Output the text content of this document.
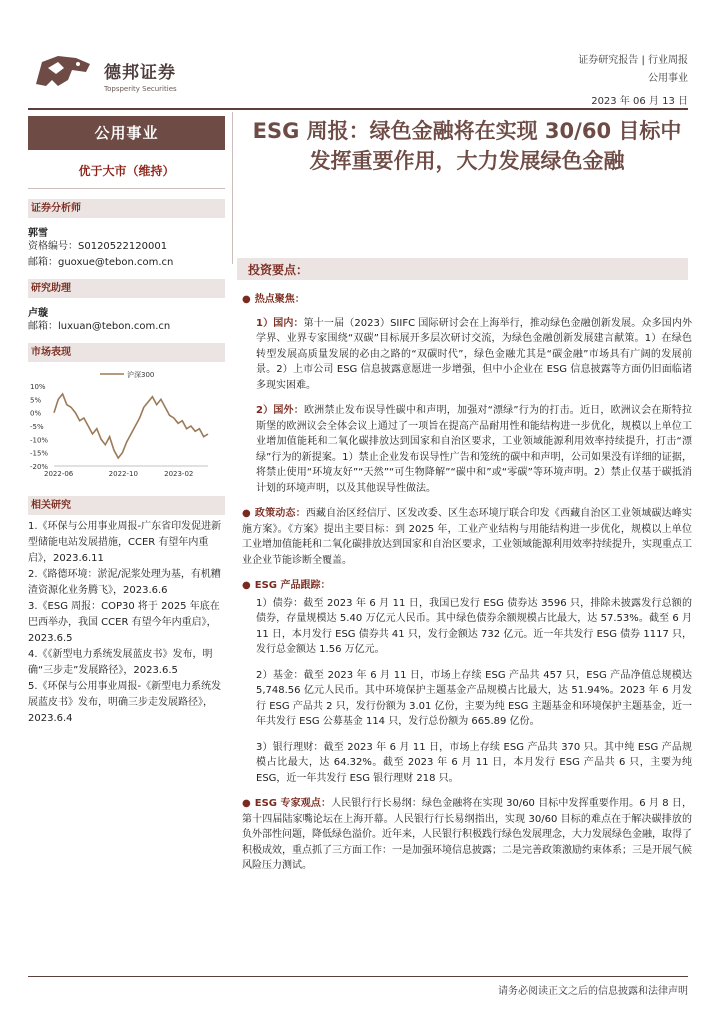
德邦证券
Topsperity Securities
证券研究报告 | 行业周报
公用事业
2023 年 06 月 13 日
公用事业
优于大市（维持）
证券分析师
郭雪
资格编号：S0120522120001
邮箱：guoxue@tebon.com.cn
研究助理
卢璇
邮箱：luxuan@tebon.com.cn
市场表现
10%
5%
0%
-5%
-10%
-15%
-20%
2022-06	2022-10	2023-02
沪深300
相关研究
1.《环保与公用事业周报-广东省印发促进新型储能电站发展措施，CCER 有望年内重启》，2023.6.11
2.《路德环境：淤泥/泥浆处理为基，有机糟渣资源化业务腾飞》，2023.6.6
3.《ESG 周报：COP30 将于 2025 年底在巴西举办，我国 CCER 有望今年内重启》，2023.6.5
4.《《新型电力系统发展蓝皮书》发布，明确“三步走”发展路径》，2023.6.5
5.《环保与公用事业周报-《新型电力系统发展蓝皮书》发布，明确三步走发展路径》，2023.6.4
ESG 周报：绿色金融将在实现 30/60 目标中发挥重要作用，大力发展绿色金融
投资要点：

● 热点聚焦：

1）国内：第十一届（2023）SIIFC 国际研讨会在上海举行，推动绿色金融创新发展。众多国内外学界、业界专家围绕“双碳”目标展开多层次研讨交流，为绿色金融创新发展建言献策。1）在绿色转型发展高质量发展的必由之路的“双碳时代”，绿色金融尤其是“碳金融”市场具有广阔的发展前景。2）上市公司 ESG 信息披露意愿进一步增强，但中小企业在 ESG 信息披露等方面仍旧面临诸多现实困难。

2）国外：欧洲禁止发布误导性碳中和声明，加强对“漂绿”行为的打击。近日，欧洲议会在斯特拉斯堡的欧洲议会全体会议上通过了一项旨在提高产品耐用性和能结构进一步优化，规模以上单位工业增加值能耗和二氧化碳排放达到国家和自治区要求，工业领域能源利用效率持续提升，打击“漂绿”行为的新提案。1）禁止企业发布误导性广告和笼统的碳中和声明，公司如果没有详细的证据，将禁止使用“环境友好”“天然”“可生物降解”“碳中和”或“零碳”等环境声明。2）禁止仅基于碳抵消计划的环境声明，以及其他误导性做法。

● 政策动态：西藏自治区经信厅、区发改委、区生态环境厅联合印发《西藏自治区工业领域碳达峰实施方案》。《方案》提出主要目标：到 2025 年，工业产业结构与用能结构进一步优化，规模以上单位工业增加值能耗和二氧化碳排放达到国家和自治区要求，工业领域能源利用效率持续提升，实现重点工业企业节能诊断全覆盖。

● ESG 产品跟踪：

1）债券：截至 2023 年 6 月 11 日，我国已发行 ESG 债券达 3596 只，排除未披露发行总额的债券，存量规模达 5.40 万亿元人民币。其中绿色债券余额规模占比最大，达 57.53%。截至 6 月 11 日，本月发行 ESG 债券共 41 只，发行金额达 732 亿元。近一年共发行 ESG 债券 1117 只，发行总金额达 1.56 万亿元。

2）基金：截至 2023 年 6 月 11 日，市场上存续 ESG 产品共 457 只，ESG 产品净值总规模达 5,748.56 亿元人民币。其中环境保护主题基金产品规模占比最大，达 51.94%。2023 年 6 月发行 ESG 产品共 2 只，发行份额为 3.01 亿份，主要为纯 ESG 主题基金和环境保护主题基金，近一年共发行 ESG 公募基金 114 只，发行总份额为 665.89 亿份。

3）银行理财：截至 2023 年 6 月 11 日，市场上存续 ESG 产品共 370 只。其中纯 ESG 产品规模占比最大，达 64.32%。截至 2023 年 6 月 11 日，本月发行 ESG 产品共 6 只，主要为纯 ESG，近一年共发行 ESG 银行理财 218 只。

● ESG 专家观点：人民银行行长易纲：绿色金融将在实现 30/60 目标中发挥重要作用。6 月 8 日，第十四届陆家嘴论坛在上海开幕。人民银行行长易纲指出，实现 30/60 目标的难点在于解决碳排放的负外部性问题，降低绿色溢价。近年来，人民银行积极践行绿色发展理念，大力发展绿色金融，取得了积极成效，重点抓了三方面工作：一是加强环境信息披露；二是完善政策激励约束体系；三是开展气候风险压力测试。

请务必阅读正文之后的信息披露和法律声明
